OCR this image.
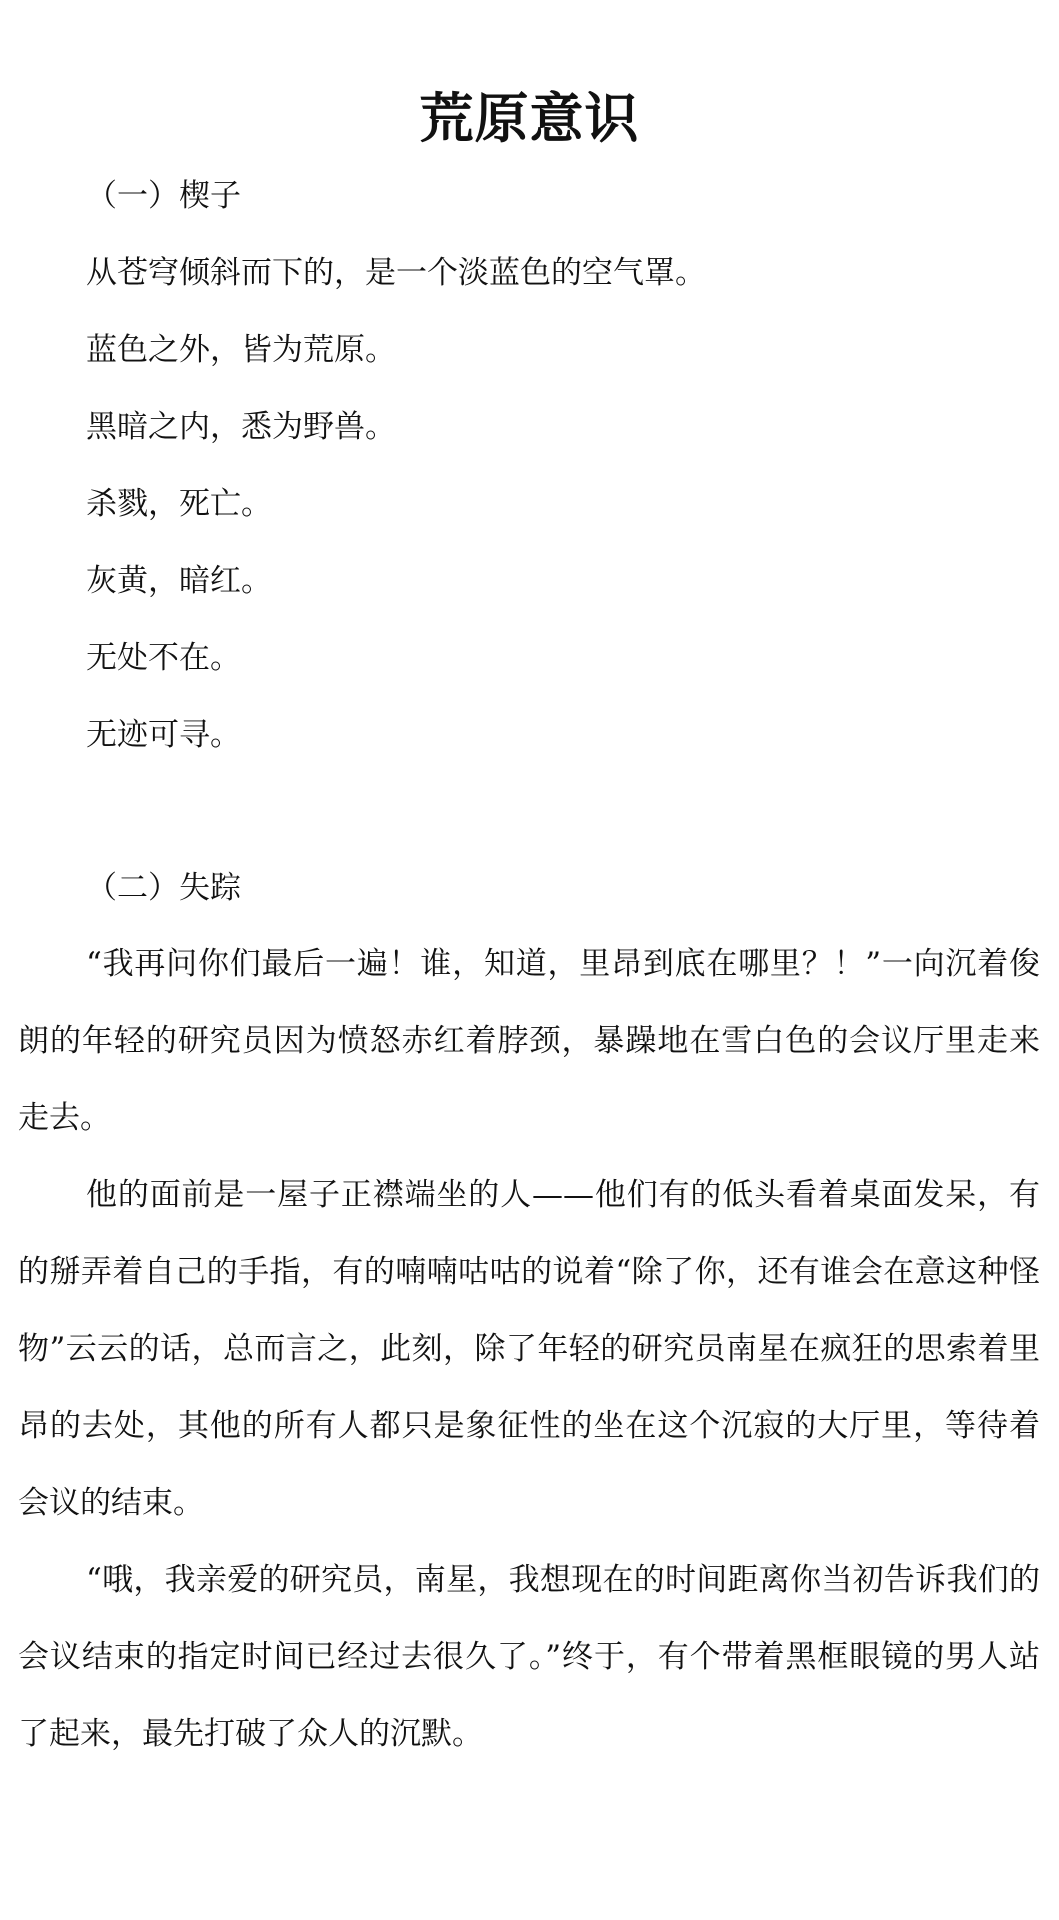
荒原意识
（一）楔子
从苍穹倾斜而下的，是一个淡蓝色的空气罩。
蓝色之外，皆为荒原。
黑暗之内，悉为野兽。
杀戮，死亡。
灰黄，暗红。
无处不在。
无迹可寻。
（二）失踪
“我再问你们最后一遍！谁，知道，里昂到底在哪里？！”一向沉着俊朗的年轻的研究员因为愤怒赤红着脖颈，暴躁地在雪白色的会议厅里走来走去。
他的面前是一屋子正襟端坐的人——他们有的低头看着桌面发呆，有的掰弄着自己的手指，有的喃喃咕咕的说着“除了你，还有谁会在意这种怪物”云云的话，总而言之，此刻，除了年轻的研究员南星在疯狂的思索着里昂的去处，其他的所有人都只是象征性的坐在这个沉寂的大厅里，等待着会议的结束。
“哦，我亲爱的研究员，南星，我想现在的时间距离你当初告诉我们的会议结束的指定时间已经过去很久了。”终于，有个带着黑框眼镜的男人站了起来，最先打破了众人的沉默。
